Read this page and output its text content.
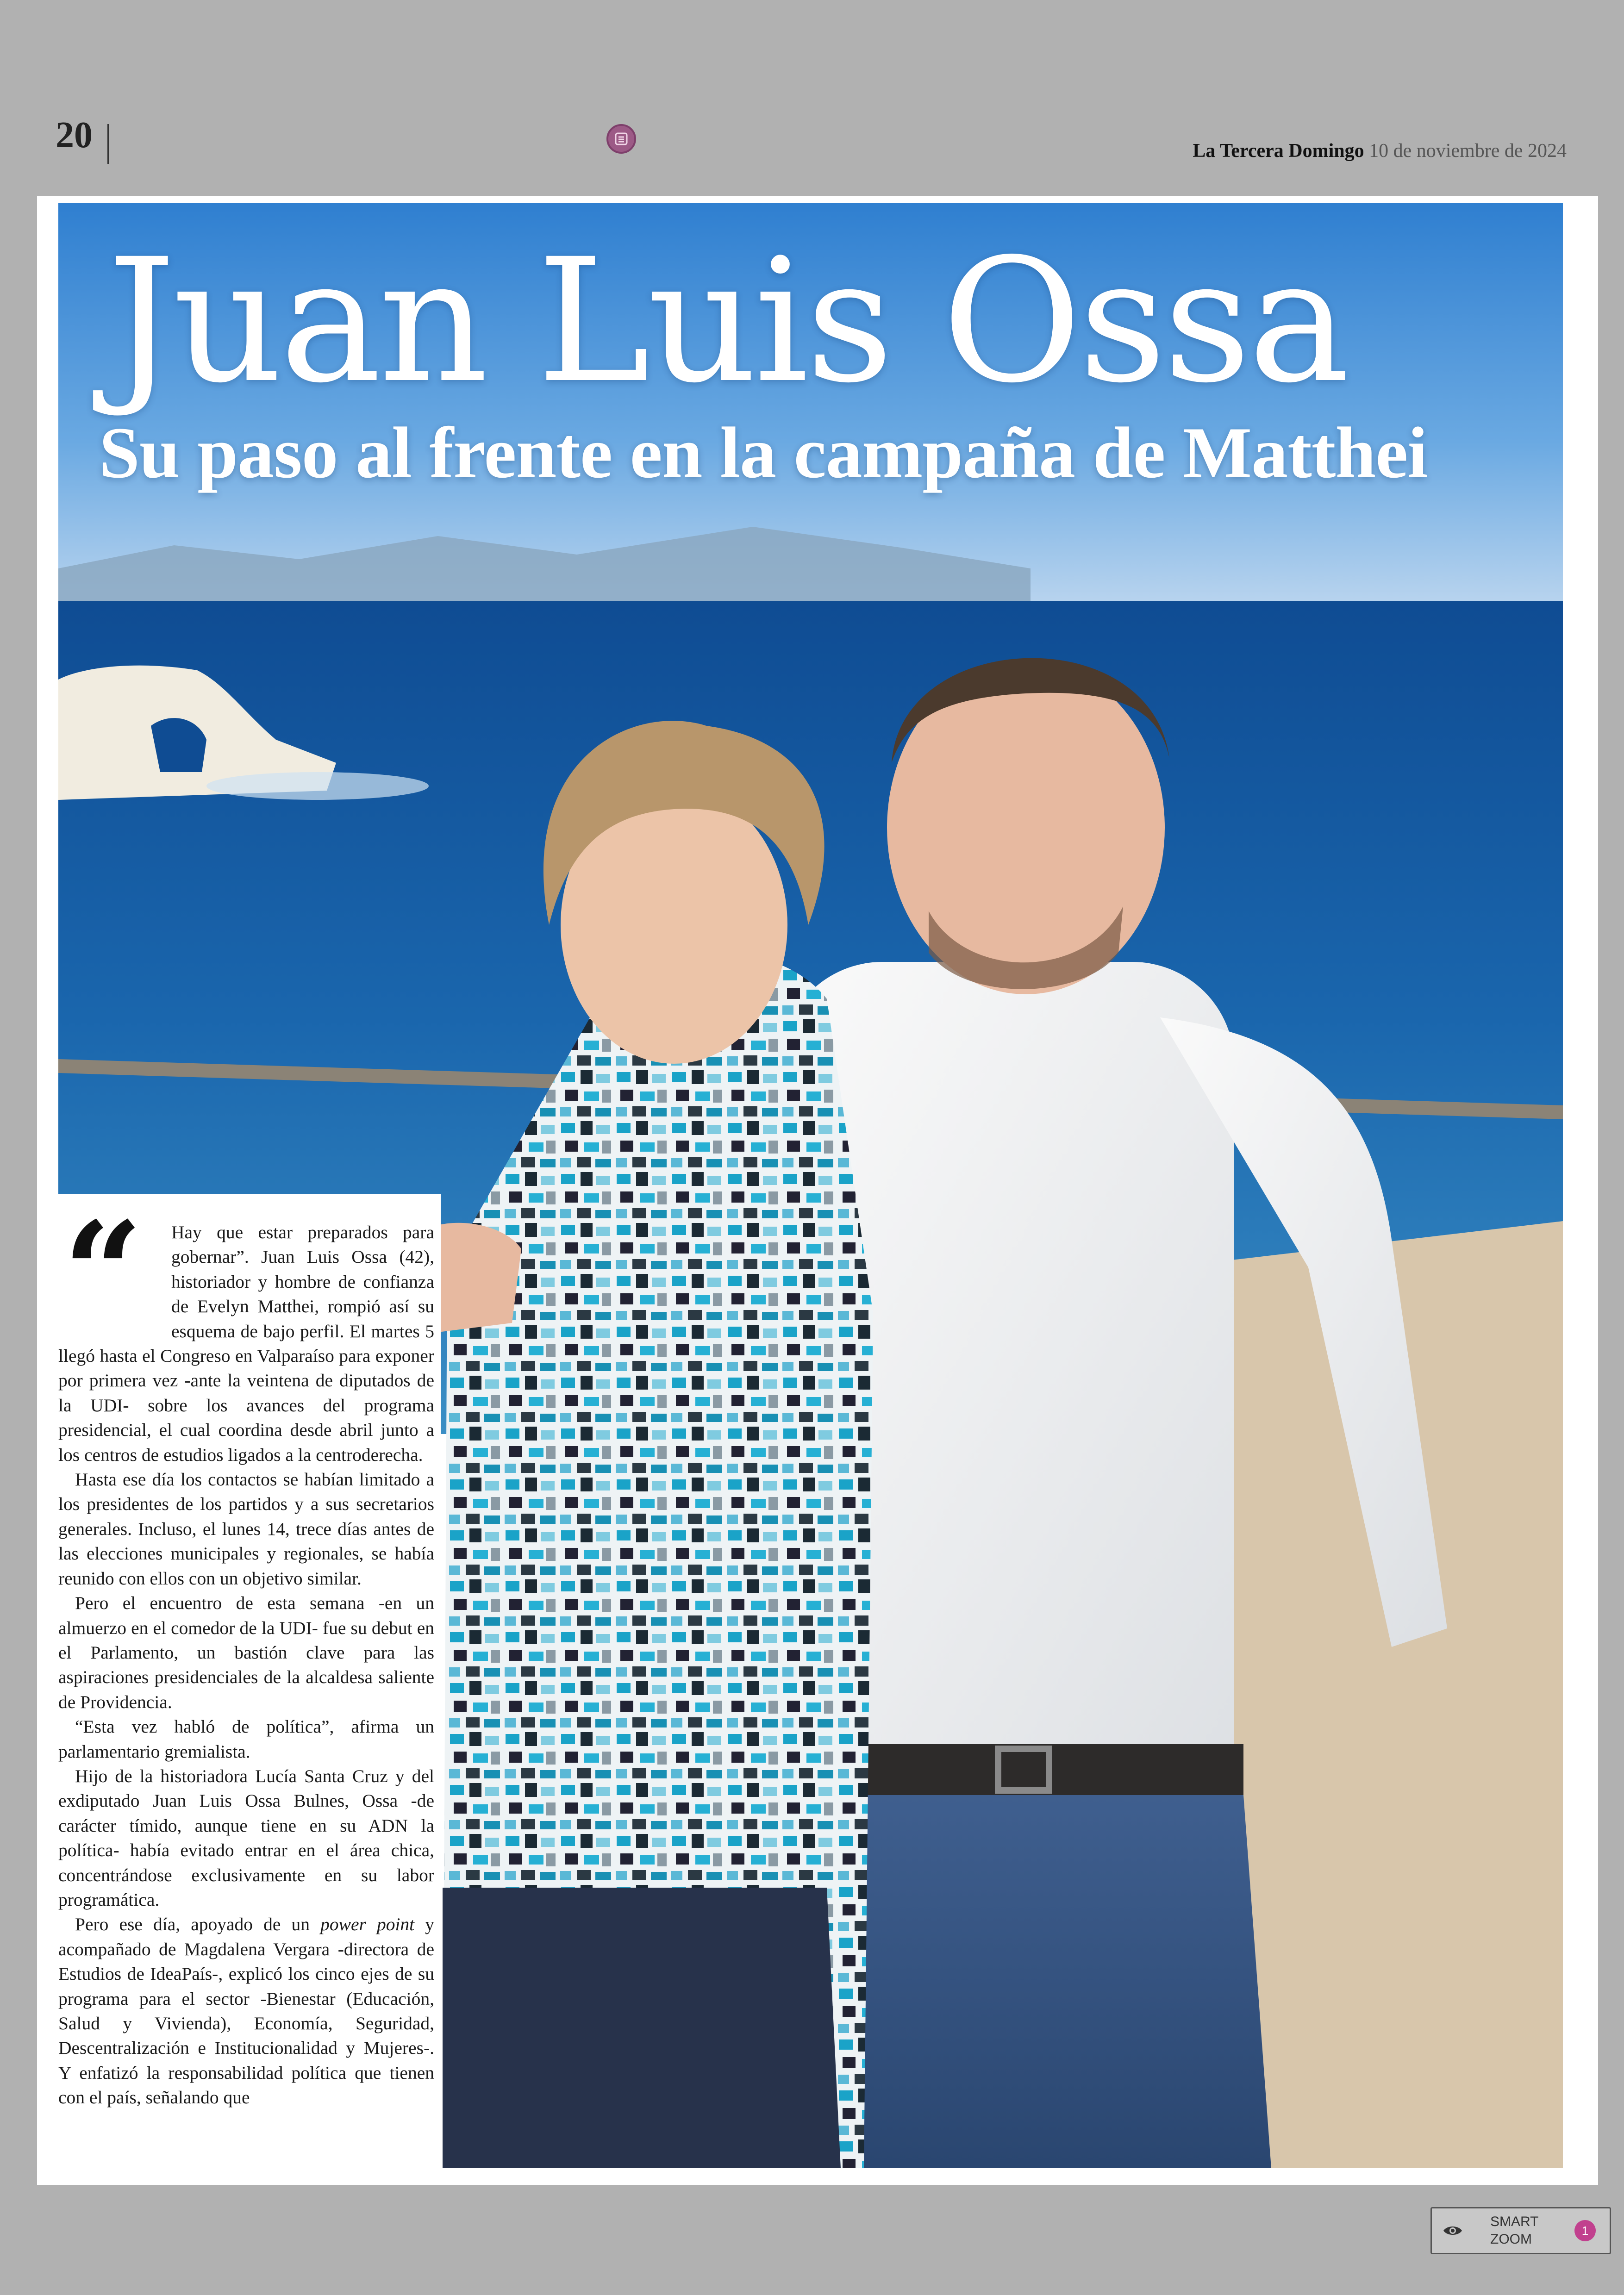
20	La Tercera Domingo 10 de noviembre de 2024
Juan Luis Ossa
Su paso al frente en la campaña de Matthei
“	Hay que estar preparados para gobernar”. Juan Luis Ossa (42), historiador y hombre de confianza de Evelyn Matthei, rompió así su esquema de bajo perfil. El martes 5 llegó hasta el Congreso en Valparaíso para exponer por primera vez -ante la veintena de diputados de la UDI- sobre los avances del programa presidencial, el cual coordina desde abril junto a los centros de estudios ligados a la centroderecha.

Hasta ese día los contactos se habían limitado a los presidentes de los partidos y a sus secretarios generales. Incluso, el lunes 14, trece días antes de las elecciones municipales y regionales, se había reunido con ellos con un objetivo similar.

Pero el encuentro de esta semana -en un almuerzo en el comedor de la UDI- fue su debut en el Parlamento, un bastión clave para las aspiraciones presidenciales de la alcaldesa saliente de Providencia.

“Esta vez habló de política”, afirma un parlamentario gremialista.

Hijo de la historiadora Lucía Santa Cruz y del exdiputado Juan Luis Ossa Bulnes, Ossa -de carácter tímido, aunque tiene en su ADN la política- había evitado entrar en el área chica, concentrándose exclusivamente en su labor programática.

Pero ese día, apoyado de un power point y acompañado de Magdalena Vergara -directora de Estudios de IdeaPaís-, explicó los cinco ejes de su programa para el sector -Bienestar (Educación, Salud y Vivienda), Economía, Seguridad, Descentralización e Institucionalidad y Mujeres-. Y enfatizó la responsabilidad política que tienen con el país, señalando que

SMART
ZOOM
1
